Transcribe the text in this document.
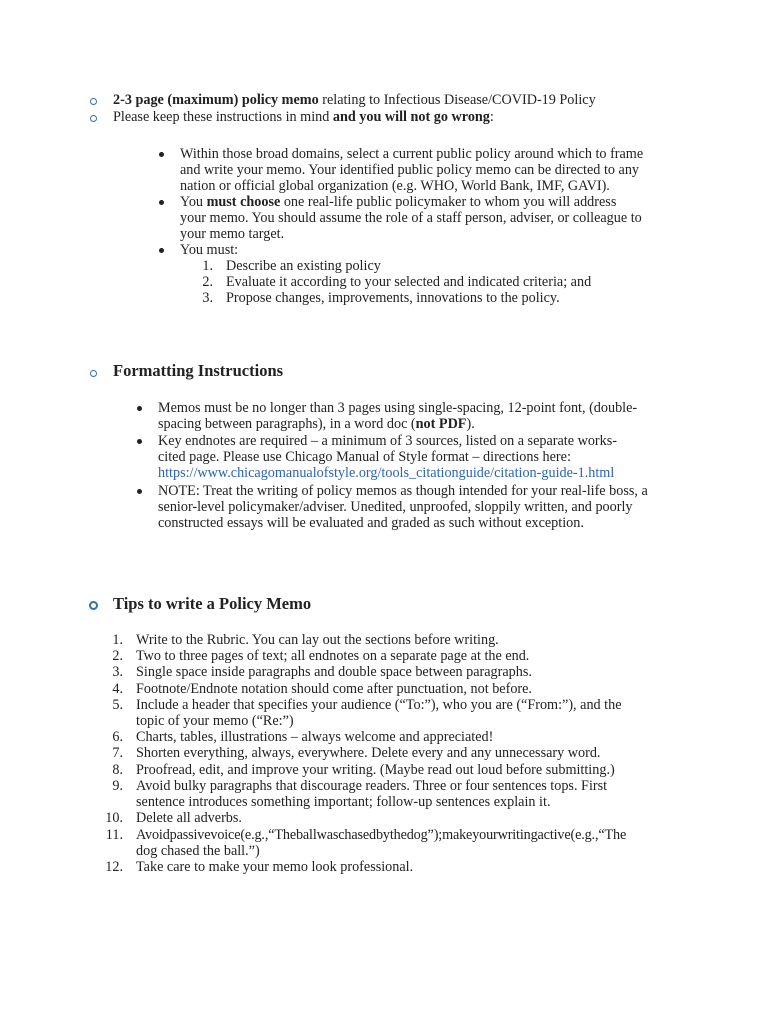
2-3 page (maximum) policy memo relating to Infectious Disease/COVID-19 Policy
Please keep these instructions in mind and you will not go wrong:
Within those broad domains, select a current public policy around which to frame
and write your memo. Your identified public policy memo can be directed to any
nation or official global organization (e.g. WHO, World Bank, IMF, GAVI).
You must choose one real-life public policymaker to whom you will address
your memo. You should assume the role of a staff person, adviser, or colleague to
your memo target.
You must:
1. Describe an existing policy
2. Evaluate it according to your selected and indicated criteria; and
3. Propose changes, improvements, innovations to the policy.
Formatting Instructions
Memos must be no longer than 3 pages using single-spacing, 12-point font, (double-
spacing between paragraphs), in a word doc (not PDF).
Key endnotes are required – a minimum of 3 sources, listed on a separate works-
cited page. Please use Chicago Manual of Style format – directions here:
https://www.chicagomanualofstyle.org/tools_citationguide/citation-guide-1.html
NOTE: Treat the writing of policy memos as though intended for your real-life boss, a
senior-level policymaker/adviser. Unedited, unproofed, sloppily written, and poorly
constructed essays will be evaluated and graded as such without exception.
Tips to write a Policy Memo
1. Write to the Rubric. You can lay out the sections before writing.
2. Two to three pages of text; all endnotes on a separate page at the end.
3. Single space inside paragraphs and double space between paragraphs.
4. Footnote/Endnote notation should come after punctuation, not before.
5. Include a header that specifies your audience (“To:”), who you are (“From:”), and the
topic of your memo (“Re:”)
6. Charts, tables, illustrations – always welcome and appreciated!
7. Shorten everything, always, everywhere. Delete every and any unnecessary word.
8. Proofread, edit, and improve your writing. (Maybe read out loud before submitting.)
9. Avoid bulky paragraphs that discourage readers. Three or four sentences tops. First
sentence introduces something important; follow-up sentences explain it.
10. Delete all adverbs.
11. Avoidpassivevoice(e.g.,“Theballwaschasedbythedog”);makeyourwritingactive(e.g.,“The
dog chased the ball.”)
12. Take care to make your memo look professional.
